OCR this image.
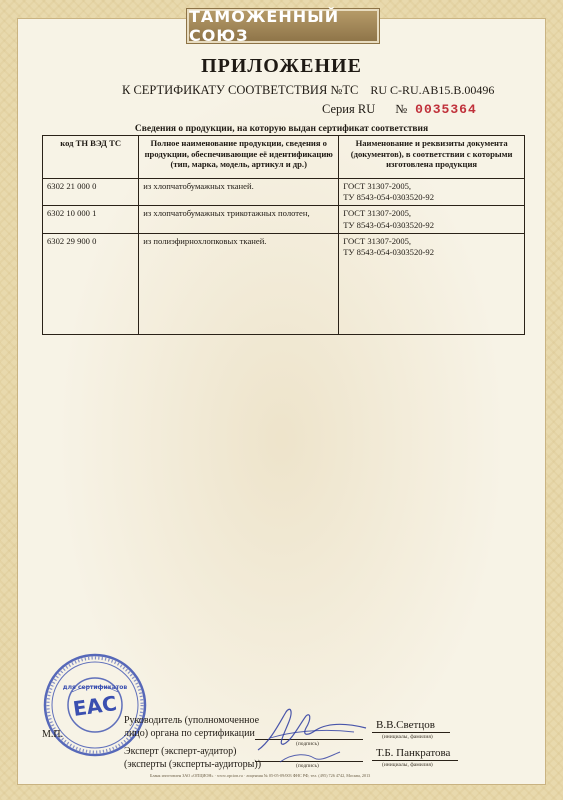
ТАМОЖЕННЫЙ СОЮЗ
ПРИЛОЖЕНИЕ
К СЕРТИФИКАТУ СООТВЕТСТВИЯ №ТС RU C-RU.АВ15.В.00496
Серия RU № 0035364
Сведения о продукции, на которую выдан сертификат соответствия
код ТН ВЭД ТС	Полное наименование продукции, сведения о продукции, обеспечивающие её идентификацию (тип, марка, модель, артикул и др.)	Наименование и реквизиты документа (документов), в соответствии с которыми изготовлена продукция
6302 21 000 0	из хлопчатобумажных тканей.	ГОСТ 31307-2005,
ТУ 8543-054-0303520-92
6302 10 000 1	из хлопчатобумажных трикотажных полотен,	ГОСТ 31307-2005,
ТУ 8543-054-0303520-92
6302 29 900 0	из полиэфирнохлопковых тканей.	ГОСТ 31307-2005,
ТУ 8543-054-0303520-92
для сертификатов
ЕАС
М.П.
Руководитель (уполномоченное
лицо) органа по сертификации
(подпись)
В.В.Светцов
(инициалы, фамилия)
Эксперт (эксперт-аудитор)
(эксперты (эксперты-аудиторы))	(подпись)
Т.Б. Панкратова
(инициалы, фамилия)
Бланк изготовлен ЗАО «ОПЦИОН» · www.opcion.ru · лицензия № 05-05-09/003 ФНС РФ, тел. (495) 726 4742, Москва, 2013
